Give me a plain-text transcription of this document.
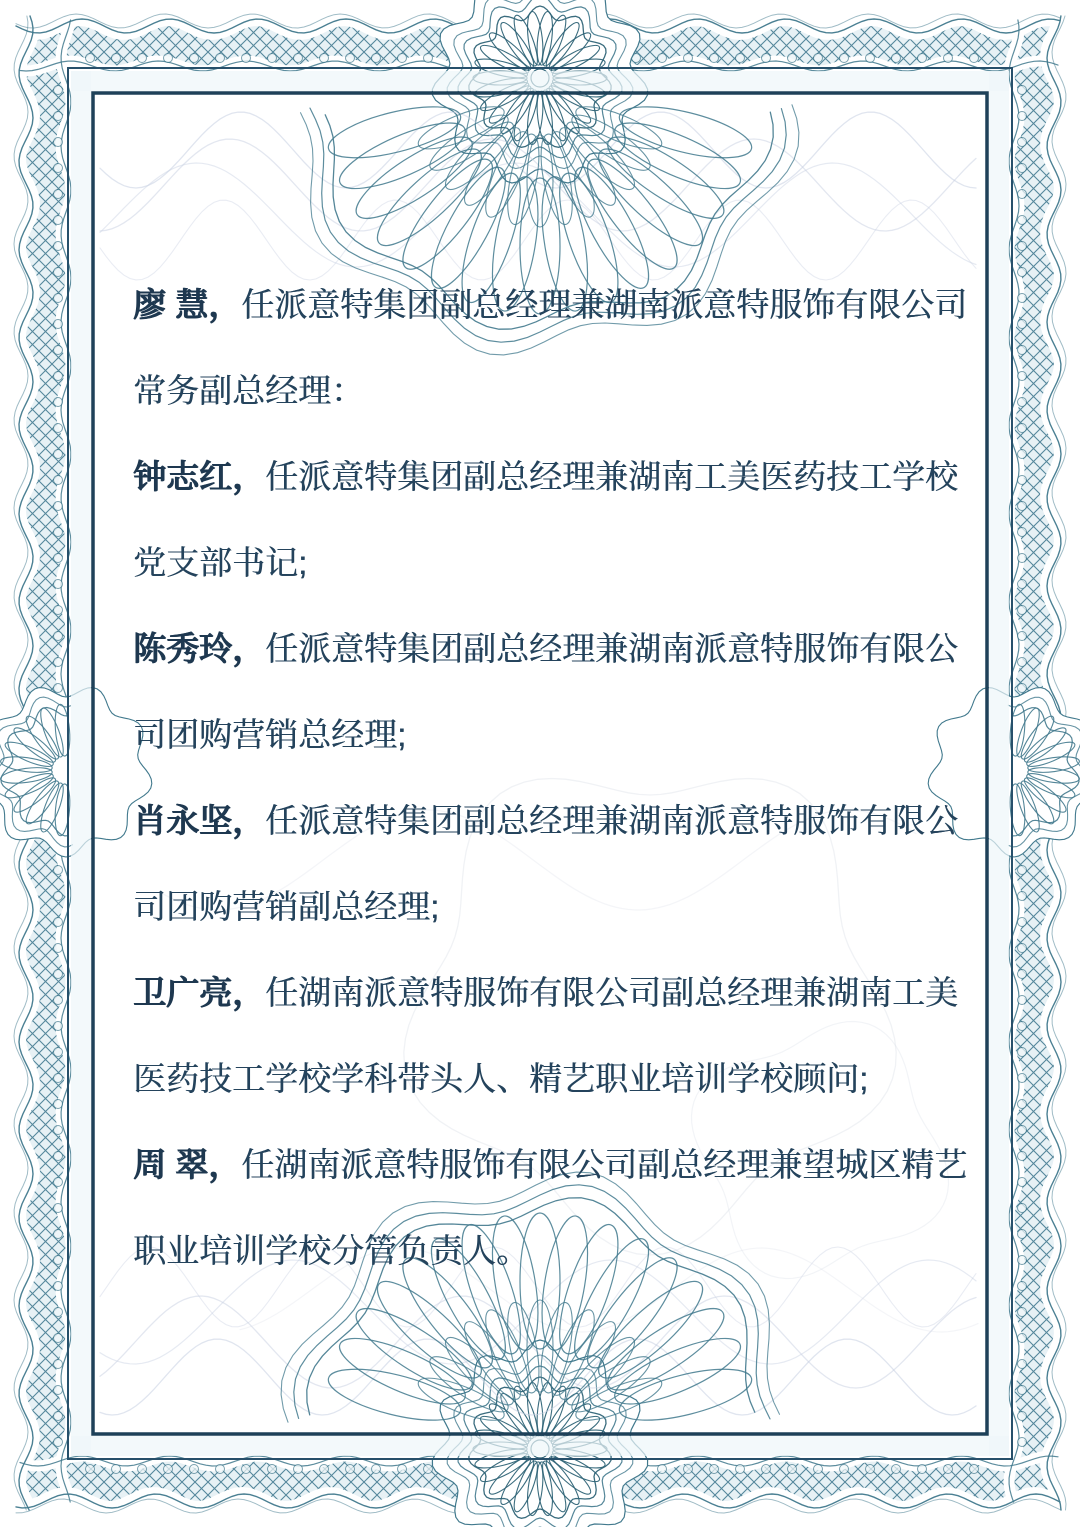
廖 慧， 任派意特集团副总经理兼湖南派意特服饰有限公司
常务副总经理：
钟志红， 任派意特集团副总经理兼湖南工美医药技工学校
党支部书记;
陈秀玲， 任派意特集团副总经理兼湖南派意特服饰有限公
司团购营销总经理;
肖永坚， 任派意特集团副总经理兼湖南派意特服饰有限公
司团购营销副总经理;
卫广亮， 任湖南派意特服饰有限公司副总经理兼湖南工美
医药技工学校学科带头人、精艺职业培训学校顾问;
周 翠， 任湖南派意特服饰有限公司副总经理兼望城区精艺
职业培训学校分管负责人。
